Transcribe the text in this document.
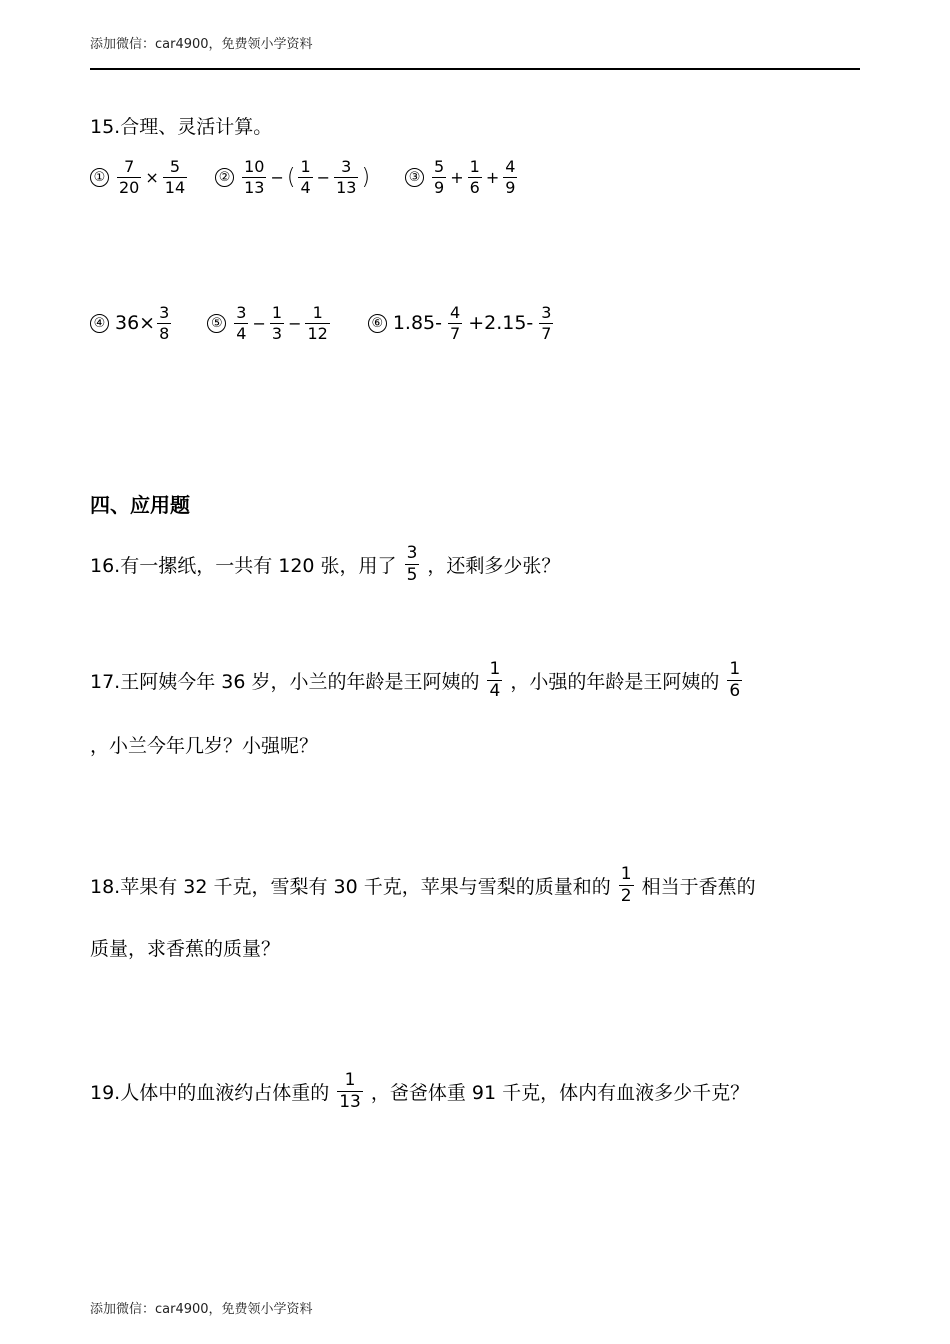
添加微信：car4900，免费领小学资料
15.合理、灵活计算。
① $\frac{7}{20} \times \frac{5}{14}$ ② $\frac{10}{13}$ − ( $\frac{1}{4} - \frac{3}{13}$ )	③ $\frac{5}{9} + \frac{1}{6} + \frac{4}{9}$
④ $36\times \frac{3}{8}$	⑤ $\frac{3}{4} - \frac{1}{3} - \frac{1}{12}$	⑥ $1.85- \frac{4}{7} +2.15- \frac{3}{7}$
四、应用题
16.有一摞纸，一共有 120 张，用了 $\frac{3}{5}$ ，还剩多少张？
17.王阿姨今年 36 岁，小兰的年龄是王阿姨的 $\frac{1}{4}$ ，小强的年龄是王阿姨的 $\frac{1}{6}$
，小兰今年几岁？小强呢？
18.苹果有 32 千克，雪梨有 30 千克，苹果与雪梨的质量和的 $\frac{1}{2}$ 相当于香蕉的
质量，求香蕉的质量？
19.人体中的血液约占体重的 $\frac{1}{13}$ ，爸爸体重 91 千克，体内有血液多少千克？
添加微信：car4900，免费领小学资料
